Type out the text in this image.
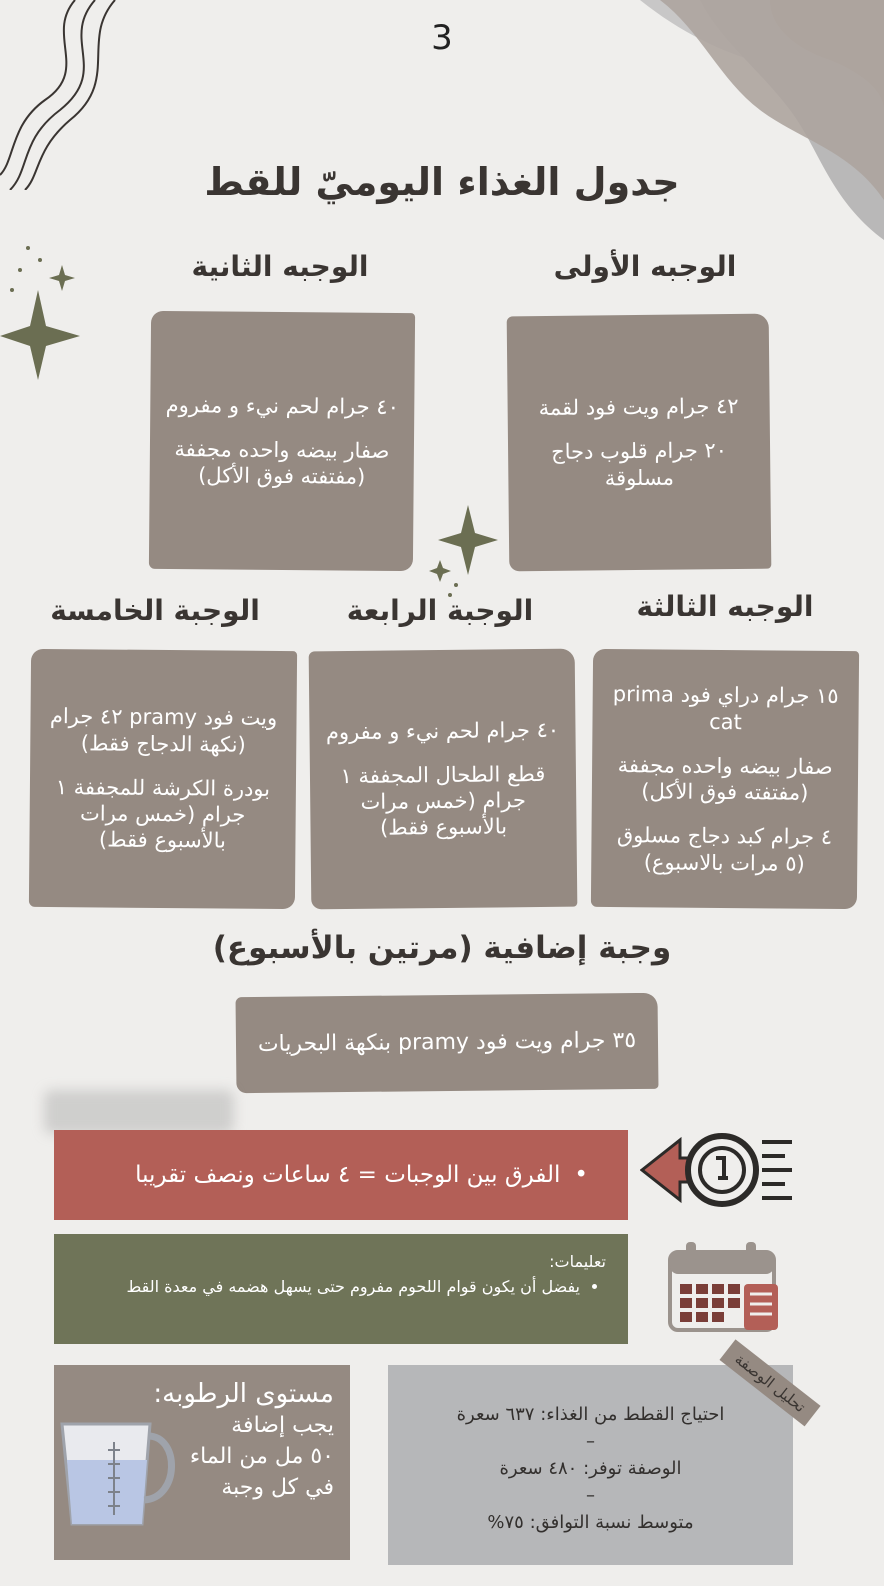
3
جدول الغذاء اليوميّ للقط
الوجبه الأولى

٤٢ جرام ويت فود لقمة

٢٠ جرام قلوب دجاج مسلوقة

الوجبه الثانية

٤٠ جرام لحم نيء و مفروم

صفار بيضه واحده مجففة (مفتفته فوق الأكل)

الوجبه الثالثة

١٥ جرام دراي فود prima cat

صفار بيضه واحده مجففة (مفتفته فوق الأكل)

٤ جرام كبد دجاج مسلوق (٥ مرات بالاسبوع)

الوجبة الرابعة

٤٠ جرام لحم نيء و مفروم

قطع الطحال المجففة ١ جرام (خمس مرات بالأسبوع فقط)

الوجبة الخامسة

ويت فود pramy ٤٢ جرام (نكهة الدجاج فقط)

بودرة الكرشة للمجففة ١ جرام (خمس مرات بالأسبوع فقط)

وجبة إضافية (مرتين بالأسبوع)

٣٥ جرام ويت فود pramy بنكهة البحريات

•
الفرق بين الوجبات = ٤ ساعات ونصف تقريبا
تعليمات:
• يفضل أن يكون قوام اللحوم مفروم حتى يسهل هضمه في معدة القط
مستوى الرطوبه:
يجب إضافة
٥٠ مل من الماء
في كل وجبة
احتياج القطط من الغذاء: ٦٣٧ سعرة
–
الوصفة توفر: ٤٨٠ سعرة
–
متوسط نسبة التوافق: ٧٥%
تحليل الوصفة
